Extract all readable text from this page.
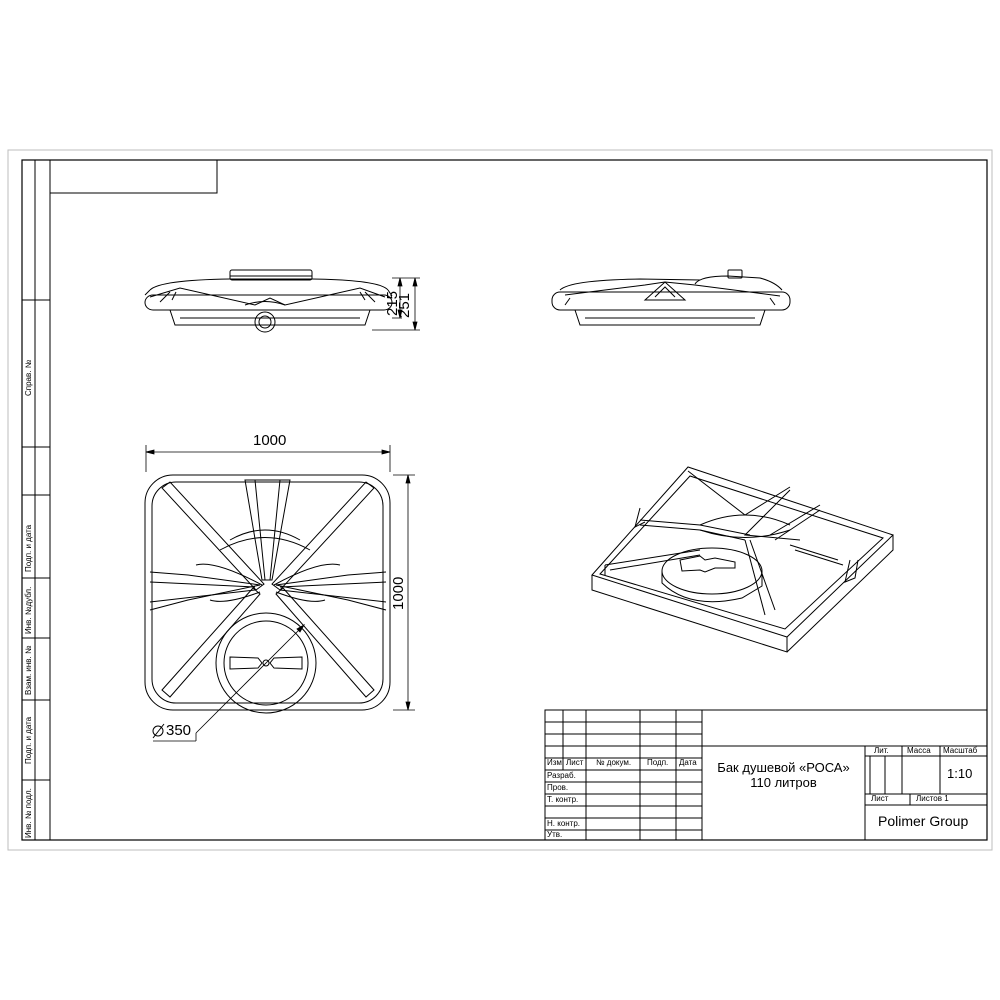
Справ. №
Подп. и дата
Инв. №дубл.
Взам. инв. №
Подп. и дата
Инв. № подл.
215
251
1000
1000
350
Изм. Лист № докум. Подп. Дата
Разраб.
Пров.
Т. контр.
Н. контр.
Утв.
Бак душевой «РОСА»
110 литров
Лит. Масса Масштаб
1:10
Лист	Листов 1
Polimer Group
